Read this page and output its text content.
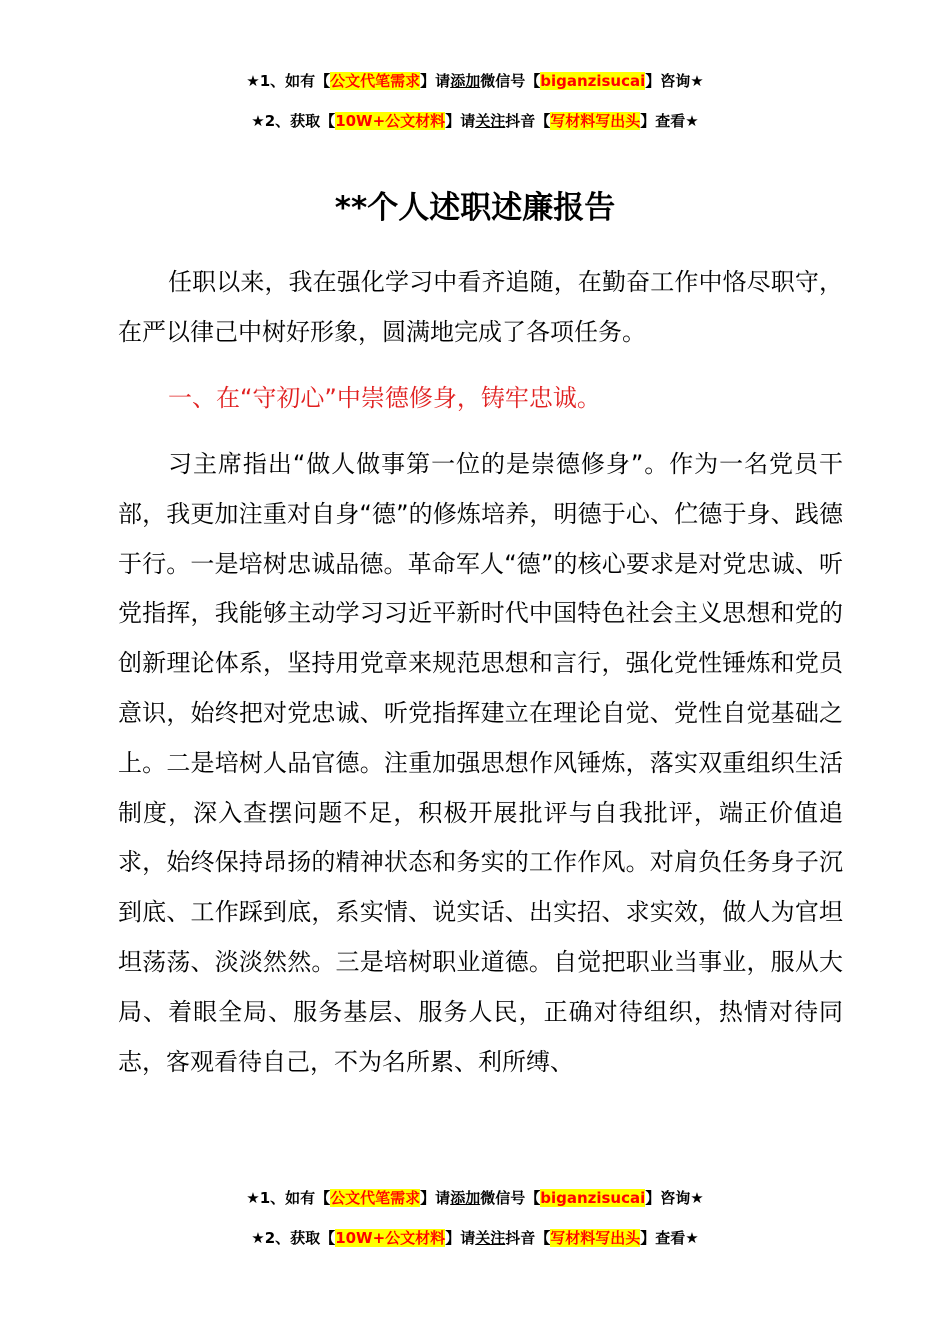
★1、如有【公文代笔需求】请添加微信号【biganzisucai】咨询★
★2、获取【10W+公文材料】请关注抖音【写材料写出头】查看★
**个人述职述廉报告

任职以来，我在强化学习中看齐追随，在勤奋工作中恪尽职守，在严以律己中树好形象，圆满地完成了各项任务。

一、在“守初心”中崇德修身，铸牢忠诚。

习主席指出“做人做事第一位的是崇德修身”。作为一名党员干部，我更加注重对自身“德”的修炼培养，明德于心、伫德于身、践德于行。一是培树忠诚品德。革命军人“德”的核心要求是对党忠诚、听党指挥，我能够主动学习习近平新时代中国特色社会主义思想和党的创新理论体系，坚持用党章来规范思想和言行，强化党性锤炼和党员意识，始终把对党忠诚、听党指挥建立在理论自觉、党性自觉基础之上。二是培树人品官德。注重加强思想作风锤炼，落实双重组织生活制度，深入查摆问题不足，积极开展批评与自我批评，端正价值追求，始终保持昂扬的精神状态和务实的工作作风。对肩负任务身子沉到底、工作踩到底，系实情、说实话、出实招、求实效，做人为官坦坦荡荡、淡淡然然。三是培树职业道德。自觉把职业当事业，服从大局、着眼全局、服务基层、服务人民，正确对待组织，热情对待同志，客观看待自己，不为名所累、利所缚、

★1、如有【公文代笔需求】请添加微信号【biganzisucai】咨询★
★2、获取【10W+公文材料】请关注抖音【写材料写出头】查看★
